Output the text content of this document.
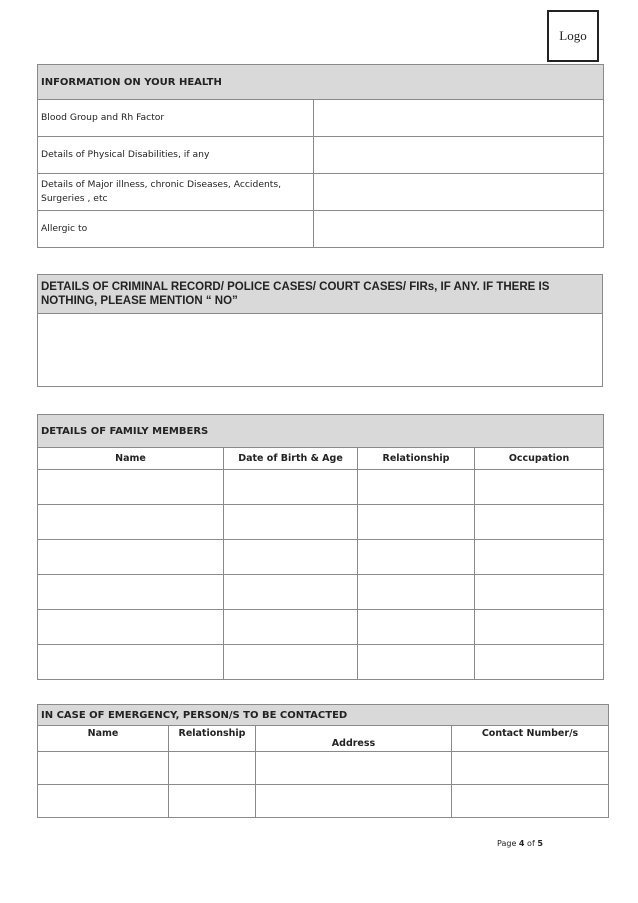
Logo
INFORMATION ON YOUR HEALTH	
Blood Group and Rh Factor	
Details of Physical Disabilities, if any	
Details of Major illness, chronic Diseases, Accidents, Surgeries , etc	
Allergic to	
DETAILS OF CRIMINAL RECORD/ POLICE CASES/ COURT CASES/ FIRs, IF ANY. IF THERE IS NOTHING, PLEASE MENTION “ NO”

DETAILS OF FAMILY MEMBERS			
Name	Date of Birth & Age	Relationship	Occupation

IN CASE OF EMERGENCY, PERSON/S TO BE CONTACTED			
Name	Relationship	Address	Contact Number/s

Page 4 of 5
